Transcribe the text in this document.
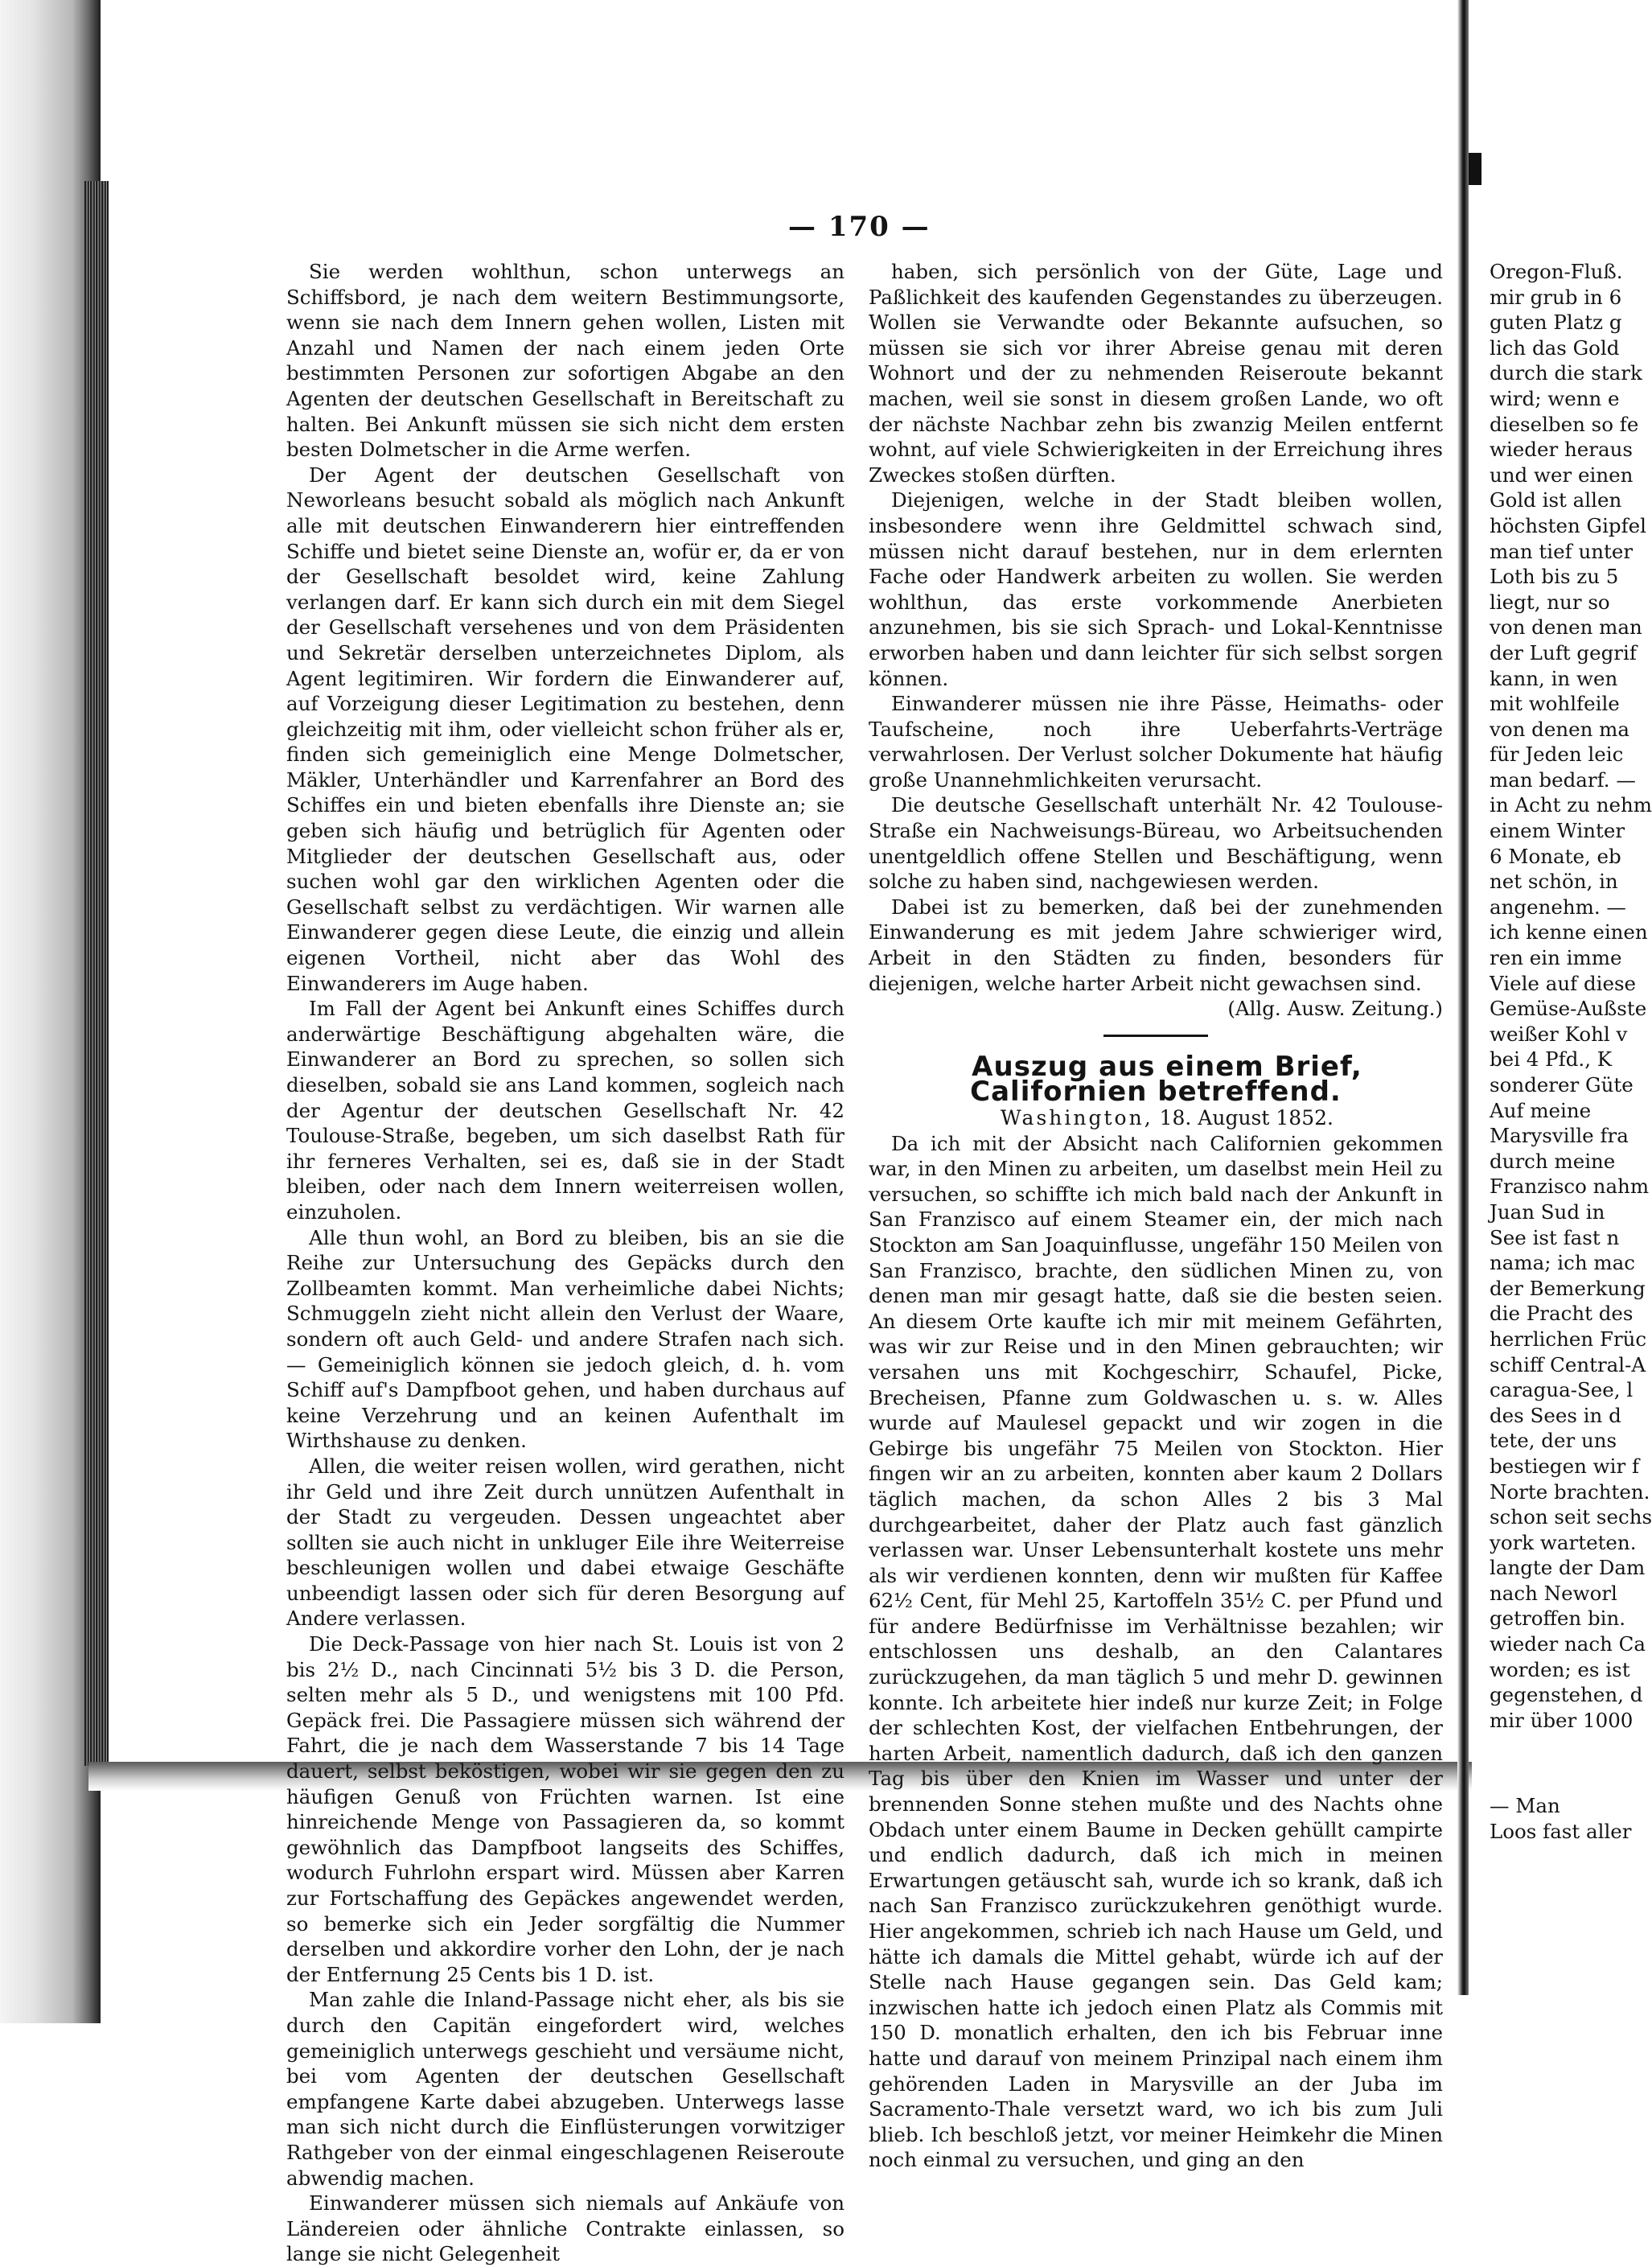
— 170 —

Sie werden wohlthun, schon unterwegs an Schiffsbord, je nach dem weitern Bestimmungsorte, wenn sie nach dem Innern gehen wollen, Listen mit Anzahl und Namen der nach einem jeden Orte bestimmten Personen zur sofortigen Abgabe an den Agenten der deutschen Gesellschaft in Bereitschaft zu halten. Bei Ankunft müssen sie sich nicht dem ersten besten Dolmetscher in die Arme werfen.

Der Agent der deutschen Gesellschaft von Neworleans besucht sobald als möglich nach Ankunft alle mit deutschen Einwanderern hier eintreffenden Schiffe und bietet seine Dienste an, wofür er, da er von der Gesellschaft besoldet wird, keine Zahlung verlangen darf. Er kann sich durch ein mit dem Siegel der Gesellschaft versehenes und von dem Präsidenten und Sekretär derselben unterzeichnetes Diplom, als Agent legitimiren. Wir fordern die Einwanderer auf, auf Vorzeigung dieser Legitimation zu bestehen, denn gleichzeitig mit ihm, oder vielleicht schon früher als er, finden sich gemeiniglich eine Menge Dolmetscher, Mäkler, Unterhändler und Karrenfahrer an Bord des Schiffes ein und bieten ebenfalls ihre Dienste an; sie geben sich häufig und betrüglich für Agenten oder Mitglieder der deutschen Gesellschaft aus, oder suchen wohl gar den wirklichen Agenten oder die Gesellschaft selbst zu verdächtigen. Wir warnen alle Einwanderer gegen diese Leute, die einzig und allein eigenen Vortheil, nicht aber das Wohl des Einwanderers im Auge haben.

Im Fall der Agent bei Ankunft eines Schiffes durch anderwärtige Beschäftigung abgehalten wäre, die Einwanderer an Bord zu sprechen, so sollen sich dieselben, sobald sie ans Land kommen, sogleich nach der Agentur der deutschen Gesellschaft Nr. 42 Toulouse-Straße, begeben, um sich daselbst Rath für ihr ferneres Verhalten, sei es, daß sie in der Stadt bleiben, oder nach dem Innern weiterreisen wollen, einzuholen.

Alle thun wohl, an Bord zu bleiben, bis an sie die Reihe zur Untersuchung des Gepäcks durch den Zollbeamten kommt. Man verheimliche dabei Nichts; Schmuggeln zieht nicht allein den Verlust der Waare, sondern oft auch Geld- und andere Strafen nach sich. — Gemeiniglich können sie jedoch gleich, d. h. vom Schiff auf's Dampfboot gehen, und haben durchaus auf keine Verzehrung und an keinen Aufenthalt im Wirthshause zu denken.

Allen, die weiter reisen wollen, wird gerathen, nicht ihr Geld und ihre Zeit durch unnützen Aufenthalt in der Stadt zu vergeuden. Dessen ungeachtet aber sollten sie auch nicht in unkluger Eile ihre Weiterreise beschleunigen wollen und dabei etwaige Geschäfte unbeendigt lassen oder sich für deren Besorgung auf Andere verlassen.

Die Deck-Passage von hier nach St. Louis ist von 2 bis 2½ D., nach Cincinnati 5½ bis 3 D. die Person, selten mehr als 5 D., und wenigstens mit 100 Pfd. Gepäck frei. Die Passagiere müssen sich während der Fahrt, die je nach dem Wasserstande 7 bis 14 Tage dauert, selbst beköstigen, wobei wir sie gegen den zu häufigen Genuß von Früchten warnen. Ist eine hinreichende Menge von Passagieren da, so kommt gewöhnlich das Dampfboot langseits des Schiffes, wodurch Fuhrlohn erspart wird. Müssen aber Karren zur Fortschaffung des Gepäckes angewendet werden, so bemerke sich ein Jeder sorgfältig die Nummer derselben und akkordire vorher den Lohn, der je nach der Entfernung 25 Cents bis 1 D. ist.

Man zahle die Inland-Passage nicht eher, als bis sie durch den Capitän eingefordert wird, welches gemeiniglich unterwegs geschieht und versäume nicht, bei vom Agenten der deutschen Gesellschaft empfangene Karte dabei abzugeben. Unterwegs lasse man sich nicht durch die Einflüsterungen vorwitziger Rathgeber von der einmal eingeschlagenen Reiseroute abwendig machen.

Einwanderer müssen sich niemals auf Ankäufe von Ländereien oder ähnliche Contrakte einlassen, so lange sie nicht Gelegenheit

haben, sich persönlich von der Güte, Lage und Paßlichkeit des kaufenden Gegenstandes zu überzeugen. Wollen sie Verwandte oder Bekannte aufsuchen, so müssen sie sich vor ihrer Abreise genau mit deren Wohnort und der zu nehmenden Reiseroute bekannt machen, weil sie sonst in diesem großen Lande, wo oft der nächste Nachbar zehn bis zwanzig Meilen entfernt wohnt, auf viele Schwierigkeiten in der Erreichung ihres Zweckes stoßen dürften.

Diejenigen, welche in der Stadt bleiben wollen, insbesondere wenn ihre Geldmittel schwach sind, müssen nicht darauf bestehen, nur in dem erlernten Fache oder Handwerk arbeiten zu wollen. Sie werden wohlthun, das erste vorkommende Anerbieten anzunehmen, bis sie sich Sprach- und Lokal-Kenntnisse erworben haben und dann leichter für sich selbst sorgen können.

Einwanderer müssen nie ihre Pässe, Heimaths- oder Taufscheine, noch ihre Ueberfahrts-Verträge verwahrlosen. Der Verlust solcher Dokumente hat häufig große Unannehmlichkeiten verursacht.

Die deutsche Gesellschaft unterhält Nr. 42 Toulouse-Straße ein Nachweisungs-Büreau, wo Arbeitsuchenden unentgeldlich offene Stellen und Beschäftigung, wenn solche zu haben sind, nachgewiesen werden.

Dabei ist zu bemerken, daß bei der zunehmenden Einwanderung es mit jedem Jahre schwieriger wird, Arbeit in den Städten zu finden, besonders für diejenigen, welche harter Arbeit nicht gewachsen sind.

(Allg. Ausw. Zeitung.)

Auszug aus einem Brief, Californien betreffend.

Washington, 18. August 1852.

Da ich mit der Absicht nach Californien gekommen war, in den Minen zu arbeiten, um daselbst mein Heil zu versuchen, so schiffte ich mich bald nach der Ankunft in San Franzisco auf einem Steamer ein, der mich nach Stockton am San Joaquinflusse, ungefähr 150 Meilen von San Franzisco, brachte, den südlichen Minen zu, von denen man mir gesagt hatte, daß sie die besten seien. An diesem Orte kaufte ich mir mit meinem Gefährten, was wir zur Reise und in den Minen gebrauchten; wir versahen uns mit Kochgeschirr, Schaufel, Picke, Brecheisen, Pfanne zum Goldwaschen u. s. w. Alles wurde auf Maulesel gepackt und wir zogen in die Gebirge bis ungefähr 75 Meilen von Stockton. Hier fingen wir an zu arbeiten, konnten aber kaum 2 Dollars täglich machen, da schon Alles 2 bis 3 Mal durchgearbeitet, daher der Platz auch fast gänzlich verlassen war. Unser Lebensunterhalt kostete uns mehr als wir verdienen konnten, denn wir mußten für Kaffee 62½ Cent, für Mehl 25, Kartoffeln 35½ C. per Pfund und für andere Bedürfnisse im Verhältnisse bezahlen; wir entschlossen uns deshalb, an den Calantares zurückzugehen, da man täglich 5 und mehr D. gewinnen konnte. Ich arbeitete hier indeß nur kurze Zeit; in Folge der schlechten Kost, der vielfachen Entbehrungen, der harten Arbeit, namentlich dadurch, daß ich den ganzen Tag bis über den Knien im Wasser und unter der brennenden Sonne stehen mußte und des Nachts ohne Obdach unter einem Baume in Decken gehüllt campirte und endlich dadurch, daß ich mich in meinen Erwartungen getäuscht sah, wurde ich so krank, daß ich nach San Franzisco zurückzukehren genöthigt wurde. Hier angekommen, schrieb ich nach Hause um Geld, und hätte ich damals die Mittel gehabt, würde ich auf der Stelle nach Hause gegangen sein. Das Geld kam; inzwischen hatte ich jedoch einen Platz als Commis mit 150 D. monatlich erhalten, den ich bis Februar inne hatte und darauf von meinem Prinzipal nach einem ihm gehörenden Laden in Marysville an der Juba im Sacramento-Thale versetzt ward, wo ich bis zum Juli blieb. Ich beschloß jetzt, vor meiner Heimkehr die Minen noch einmal zu versuchen, und ging an den

Oregon-Fluß.
mir grub in 6
guten Platz g
lich das Gold
durch die stark
wird; wenn e
dieselben so fe
wieder heraus
und wer einen
Gold ist allen
höchsten Gipfel
man tief unter
Loth bis zu 5
liegt, nur so
von denen man
der Luft gegrif
kann, in wen
mit wohlfeile
von denen ma
für Jeden leic
man bedarf. —
in Acht zu nehm
einem Winter
6 Monate, eb
net schön, in
angenehm. —
ich kenne einen
ren ein imme
Viele auf diese
Gemüse-Außste
weißer Kohl v
bei 4 Pfd., K
sonderer Güte
Auf meine
Marysville fra
durch meine
Franzisco nahm
Juan Sud in
See ist fast n
nama; ich mac
der Bemerkung
die Pracht des
herrlichen Früc
schiff Central-A
caragua-See, l
des Sees in d
tete, der uns
bestiegen wir f
Norte brachten.
schon seit sechs
york warteten.
langte der Dam
nach Neworl
getroffen bin.
wieder nach Ca
worden; es ist
gegenstehen, d
mir über 1000
— Man
Loos fast aller
